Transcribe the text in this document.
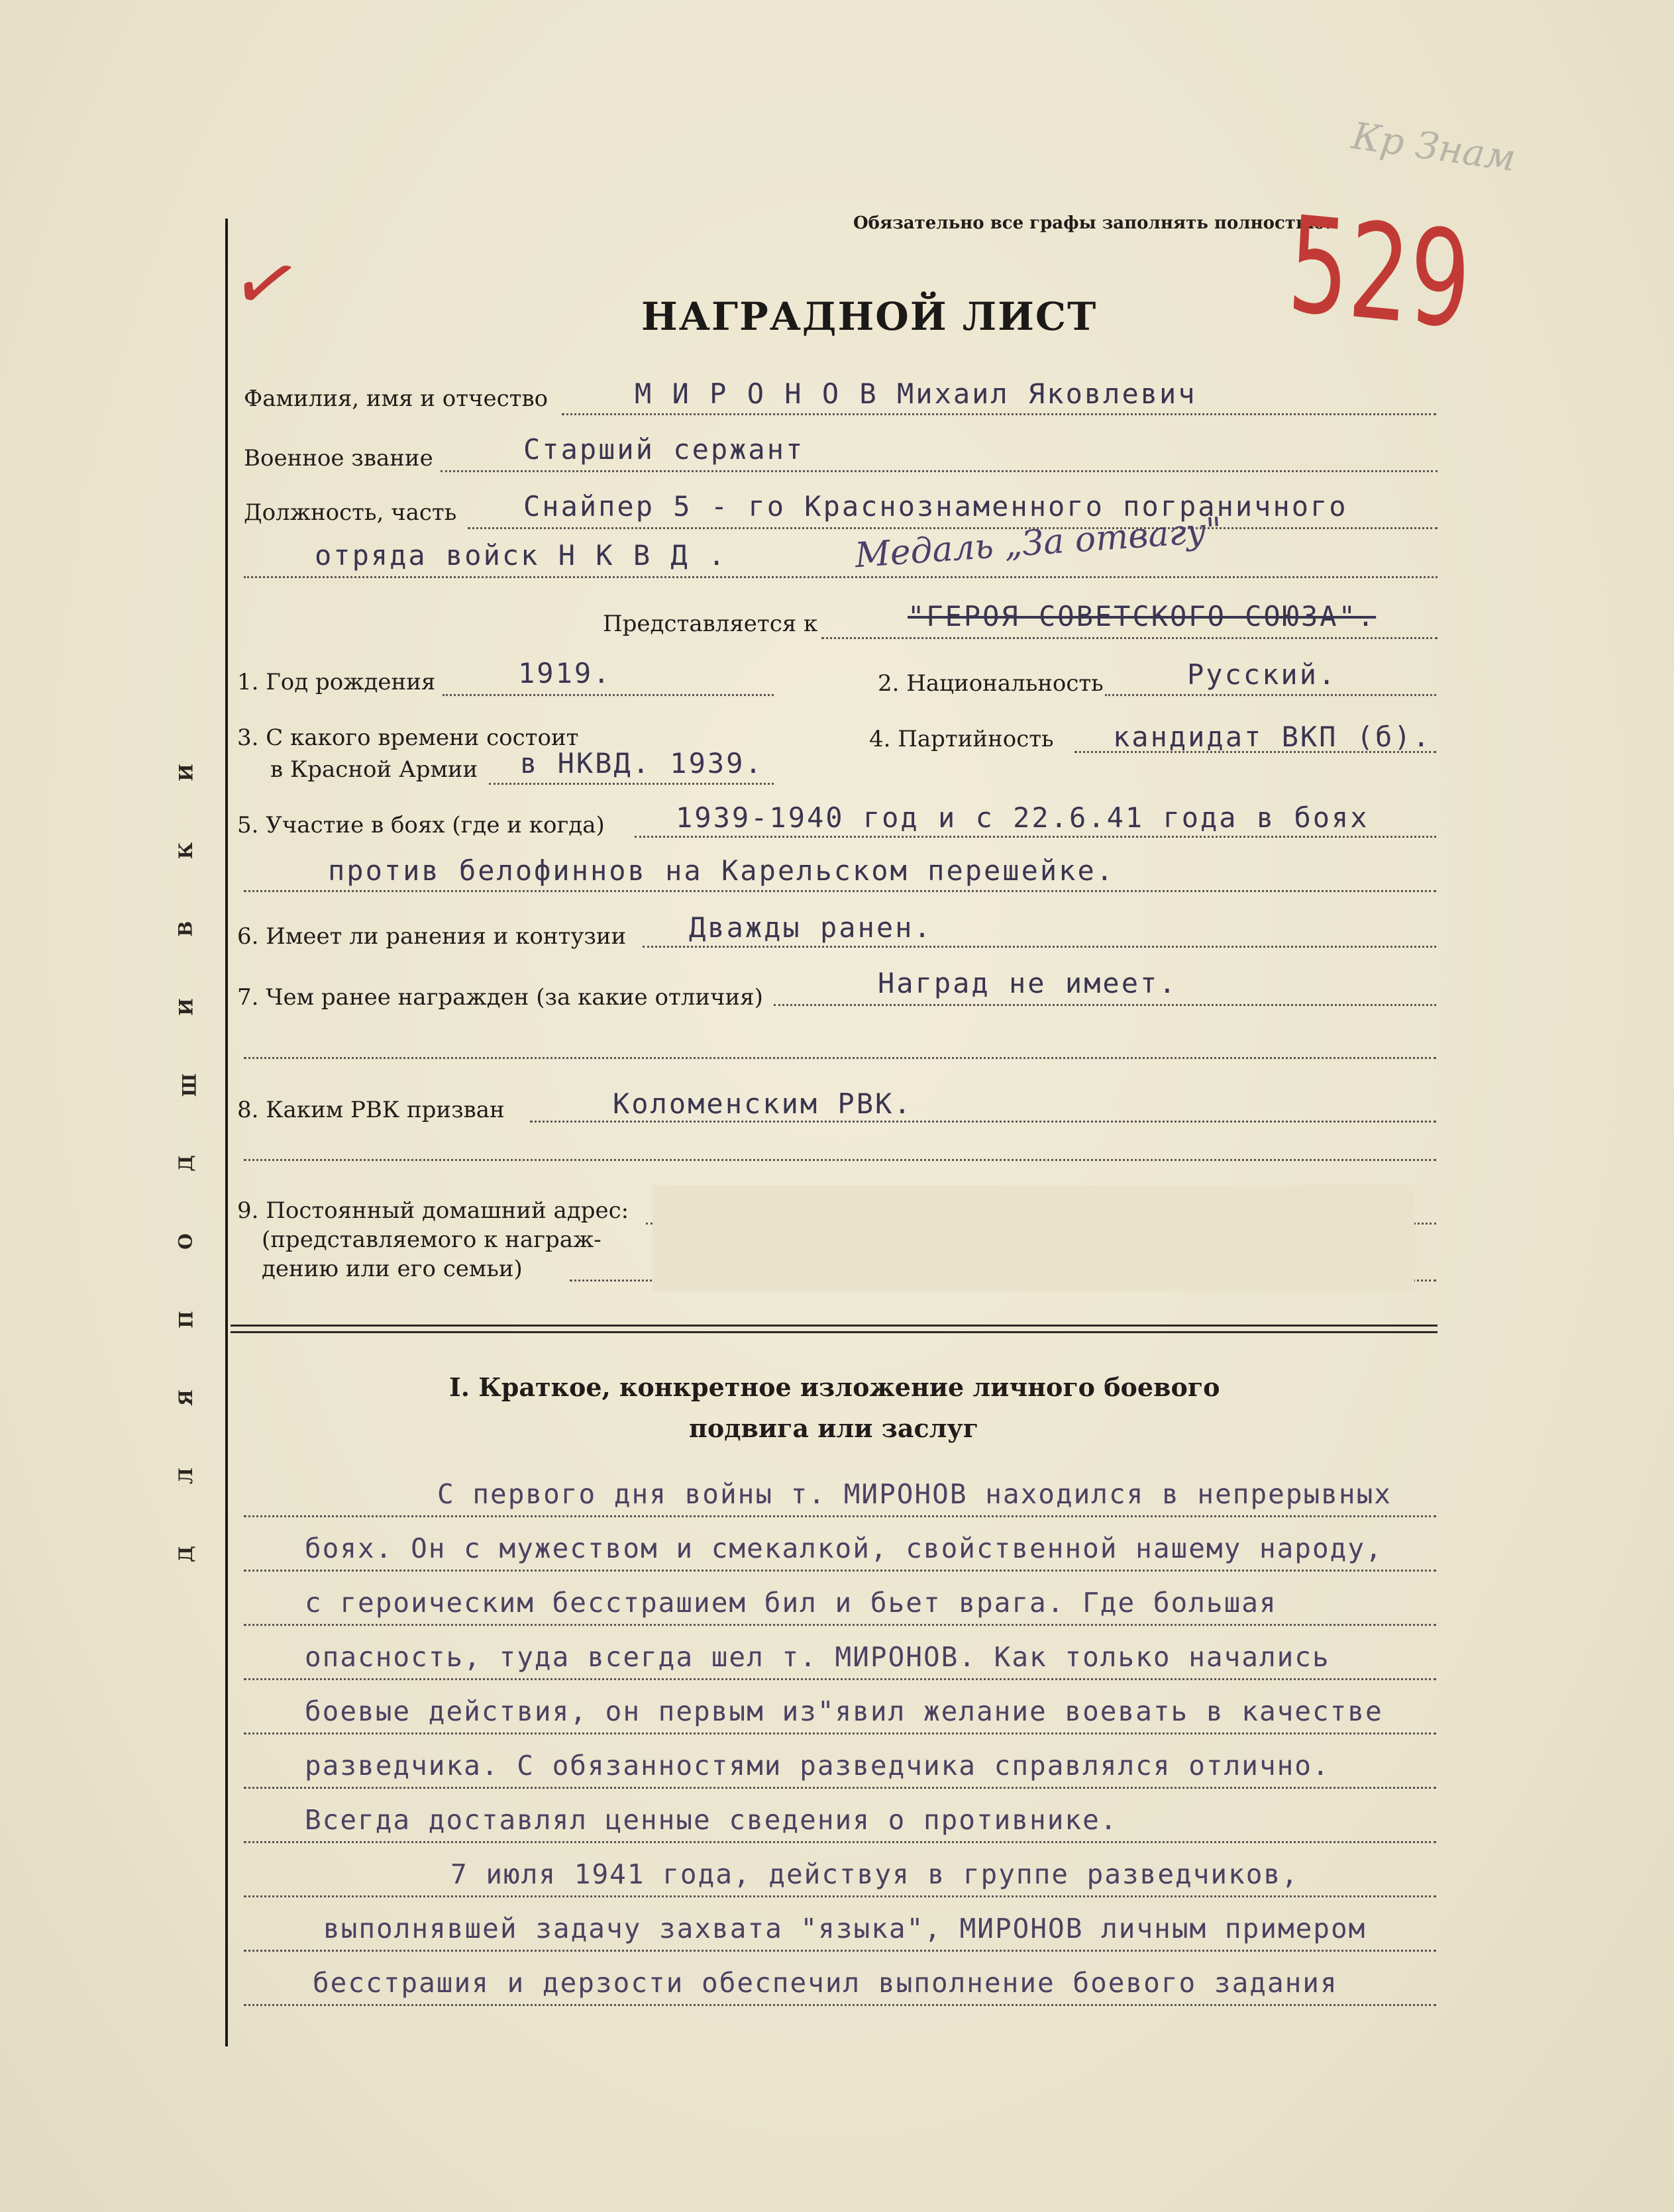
Кр Знам
Обязательно все графы заполнять полностью.
529
✓	НАГРАДНОЙ ЛИСТ
Д
Л
Я
П
О
Д
Ш
И
В
К
И
Фамилия, имя и отчество	М И Р О Н О В Михаил Яковлевич
Военное звание	Старший сержант
Должность, часть Снайпер 5 - го Краснознаменного пограничного
отряда войск Н К В Д .	Медаль „За отвагу"
Представляется к	"ГЕРОЯ СОВЕТСКОГО СОЮЗА".
1. Год рождения	1919.	2. Национальность	Русский.
3. С какого времени состоит
в Красной Армии в НКВД. 1939.
4. Партийность кандидат ВКП (б).
5. Участие в боях (где и когда)	1939-1940 год и с 22.6.41 года в боях
против белофиннов на Карельском перешейке.
6. Имеет ли ранения и контузии Дважды ранен.
7. Чем ранее награжден (за какие отличия)	Наград не имеет.
8. Каким РВК призван	Коломенским РВК.
9. Постоянный домашний адрес:
(представляемого к награж-
дению или его семьи)
I. Краткое, конкретное изложение личного боевого
подвига или заслуг
С первого дня войны т. МИРОНОВ находился в непрерывных
боях. Он с мужеством и смекалкой, свойственной нашему народу,
с героическим бесстрашием бил и бьет врага. Где большая
опасность, туда всегда шел т. МИРОНОВ. Как только начались
боевые действия, он первым из"явил желание воевать в качестве
разведчика. С обязанностями разведчика справлялся отлично.
Всегда доставлял ценные сведения о противнике.
7 июля 1941 года, действуя в группе разведчиков,
выполнявшей задачу захвата "языка", МИРОНОВ личным примером
бесстрашия и дерзости обеспечил выполнение боевого задания
